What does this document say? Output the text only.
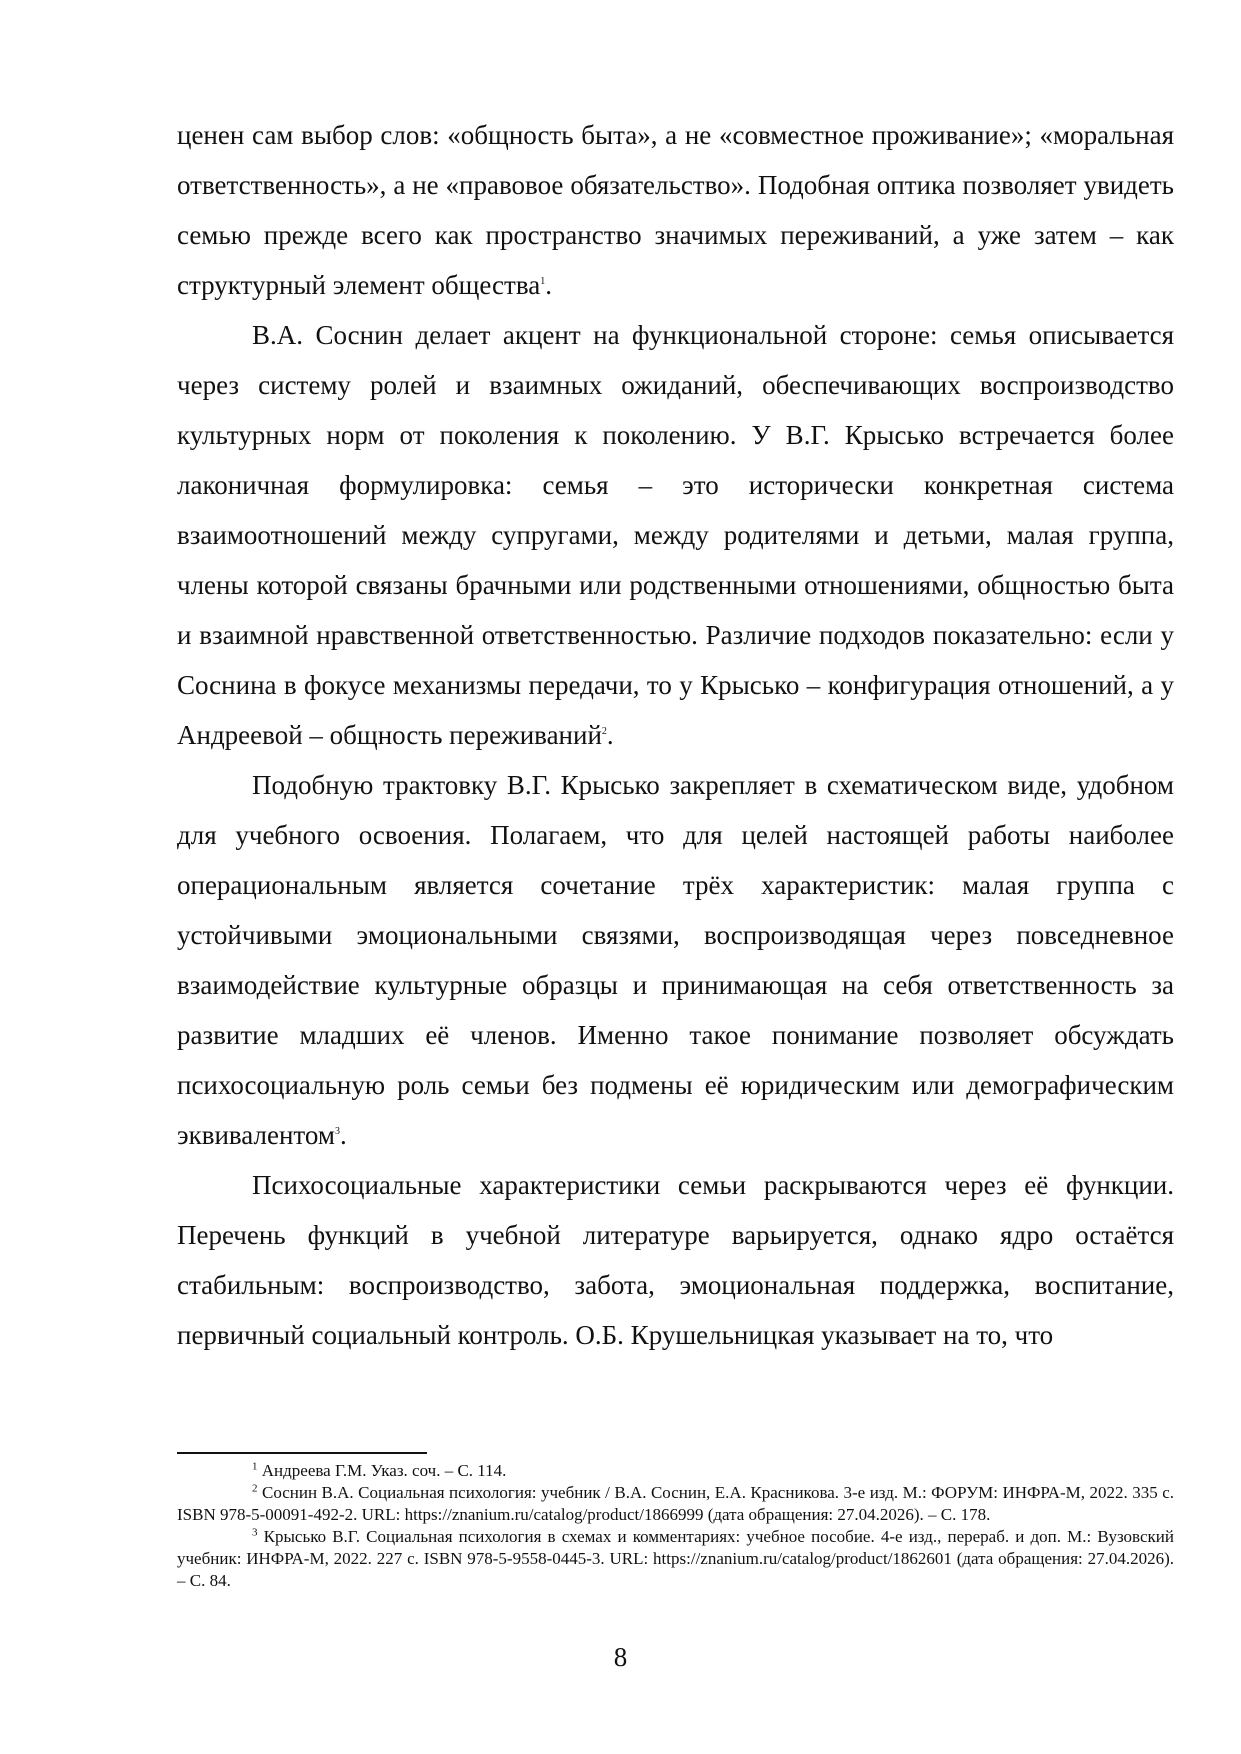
ценен сам выбор слов: «общность быта», а не «совместное проживание»; «моральная ответственность», а не «правовое обязательство». Подобная оптика позволяет увидеть семью прежде всего как пространство значимых переживаний, а уже затем – как структурный элемент общества$^1$.

В.А. Соснин делает акцент на функциональной стороне: семья описывается через систему ролей и взаимных ожиданий, обеспечивающих воспроизводство культурных норм от поколения к поколению. У В.Г. Крысько встречается более лаконичная формулировка: семья – это исторически конкретная система взаимоотношений между супругами, между родителями и детьми, малая группа, члены которой связаны брачными или родственными отношениями, общностью быта и взаимной нравственной ответственностью. Различие подходов показательно: если у Соснина в фокусе механизмы передачи, то у Крысько – конфигурация отношений, а у Андреевой – общность переживаний$^2$.

Подобную трактовку В.Г. Крысько закрепляет в схематическом виде, удобном для учебного освоения. Полагаем, что для целей настоящей работы наиболее операциональным является сочетание трёх характеристик: малая группа с устойчивыми эмоциональными связями, воспроизводящая через повседневное взаимодействие культурные образцы и принимающая на себя ответственность за развитие младших её членов. Именно такое понимание позволяет обсуждать психосоциальную роль семьи без подмены её юридическим или демографическим эквивалентом$^3$.

Психосоциальные характеристики семьи раскрываются через её функции. Перечень функций в учебной литературе варьируется, однако ядро остаётся стабильным: воспроизводство, забота, эмоциональная поддержка, воспитание, первичный социальный контроль. О.Б. Крушельницкая указывает на то, что

$^1$ Андреева Г.М. Указ. соч. – С. 114.

$^2$ Соснин В.А. Социальная психология: учебник / В.А. Соснин, Е.А. Красникова. 3-е изд. М.: ФОРУМ: ИНФРА-М, 2022. 335 с. ISBN 978-5-00091-492-2. URL: https://znanium.ru/catalog/product/1866999 (дата обращения: 27.04.2026). – С. 178.

$^3$ Крысько В.Г. Социальная психология в схемах и комментариях: учебное пособие. 4-е изд., перераб. и доп. М.: Вузовский учебник: ИНФРА-М, 2022. 227 с. ISBN 978-5-9558-0445-3. URL: https://znanium.ru/catalog/product/1862601 (дата обращения: 27.04.2026). – С. 84.

8
